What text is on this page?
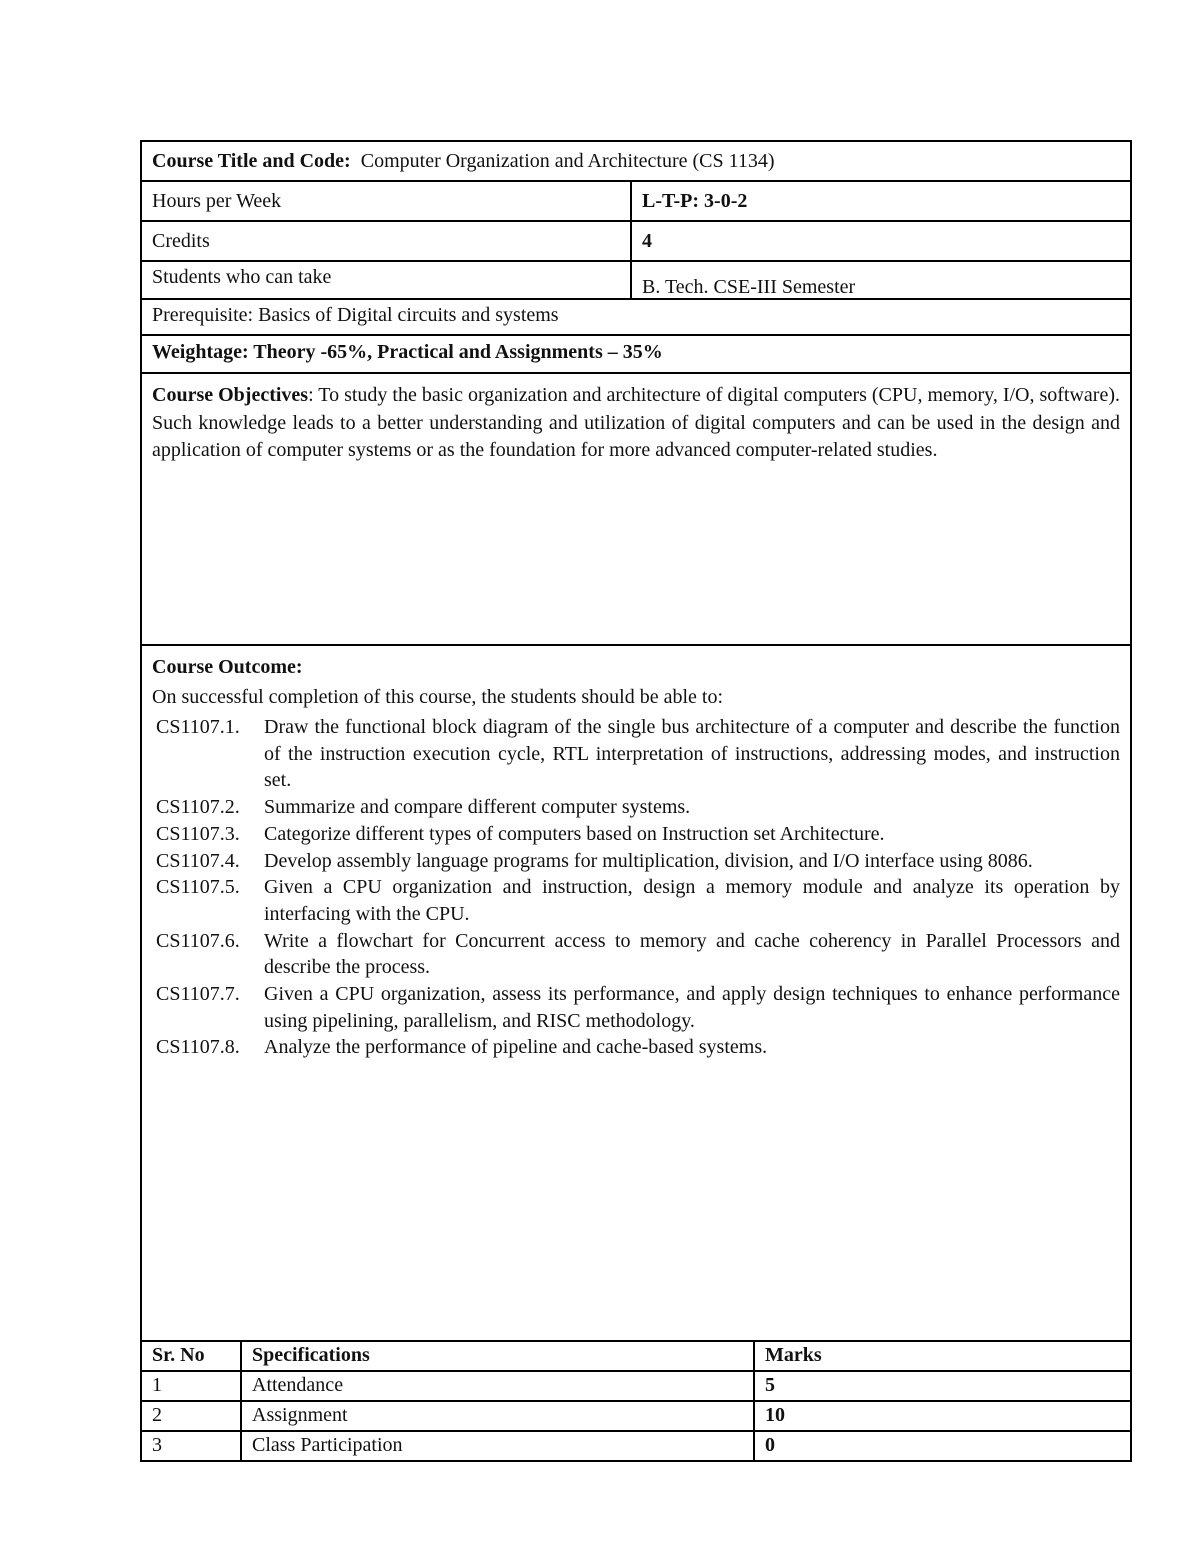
Course Title and Code: Computer Organization and Architecture (CS 1134)
Hours per Week	L-T-P: 3-0-2
Credits	4
Students who can take	B. Tech. CSE-III Semester
Prerequisite: Basics of Digital circuits and systems
Weightage: Theory -65%, Practical and Assignments – 35%
Course Objectives: To study the basic organization and architecture of digital computers (CPU, memory, I/O, software). Such knowledge leads to a better understanding and utilization of digital computers and can be used in the design and application of computer systems or as the foundation for more advanced computer-related studies.
Course Outcome:
On successful completion of this course, the students should be able to:
CS1107.1.	Draw the functional block diagram of the single bus architecture of a computer and describe the function of the instruction execution cycle, RTL interpretation of instructions, addressing modes, and instruction set.
CS1107.2.	Summarize and compare different computer systems.
CS1107.3.	Categorize different types of computers based on Instruction set Architecture.
CS1107.4.	Develop assembly language programs for multiplication, division, and I/O interface using 8086.
CS1107.5.	Given a CPU organization and instruction, design a memory module and analyze its operation by interfacing with the CPU.
CS1107.6.	Write a flowchart for Concurrent access to memory and cache coherency in Parallel Processors and describe the process.
CS1107.7.	Given a CPU organization, assess its performance, and apply design techniques to enhance performance using pipelining, parallelism, and RISC methodology.
CS1107.8.	Analyze the performance of pipeline and cache-based systems.
Sr. No	Specifications	Marks
1	Attendance	5
2	Assignment	10
3	Class Participation	0
